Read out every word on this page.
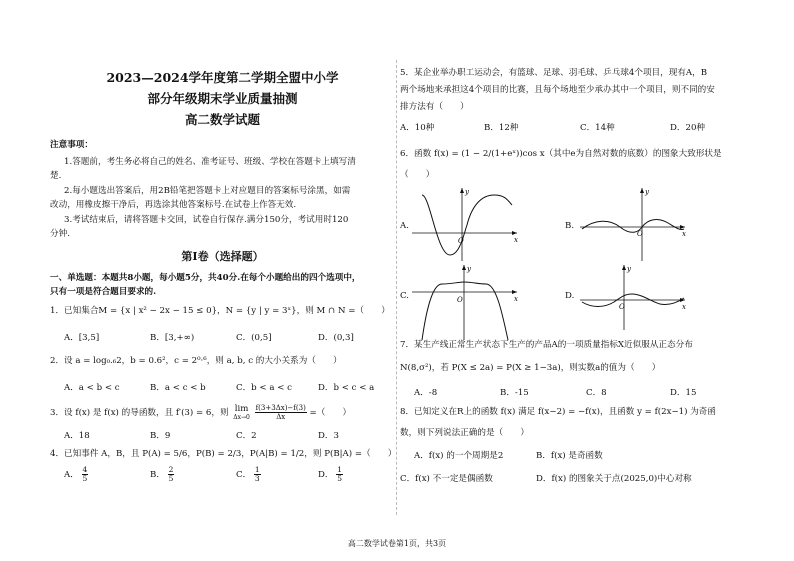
2023—2024学年度第二学期全盟中小学
部分年级期末学业质量抽测
高二数学试题
注意事项：
1.答题前，考生务必将自己的姓名、准考证号、班级、学校在答题卡上填写清
楚.
2.每小题选出答案后，用2B铅笔把答题卡上对应题目的答案标号涂黑，如需
改动，用橡皮擦干净后，再选涂其他答案标号.在试卷上作答无效.
3.考试结束后，请将答题卡交回，试卷自行保存.满分150分，考试用时120
分钟.
第Ⅰ卷（选择题）
一、单选题：本题共8小题，每小题5分，共40分.在每个小题给出的四个选项中，
只有一项是符合题目要求的.
1．已知集合M = {x | x² − 2x − 15 ≤ 0}，N = {y | y = 3ˣ}，则 M ∩ N =（　　）
A．[3,5]	B．[3,+∞)	C．(0,5]	D．(0,3]
2．设 a = log₀.₆2，b = 0.6²，c = 2⁰·⁶，则 a, b, c 的大小关系为（　　）
A．a < b < c	B．a < c < b	C．b < a < c	D．b < c < a
3．设 f(x) 是 f(x) 的导函数，且 f′(3) = 6，则 lim
Δx→0
$\frac{f(3+3\Delta x)-f(3)}{\Delta x}$ =（　　）
A．18	B．9	C．2	D．3
4．已知事件 A，B，且 P(A) = 5/6，P(B) = 2/3，P(A|B) = 1/2，则 P(B|A) =（　　）
A． $\frac{4}{5}$	B． $\frac{2}{5}$	C． $\frac{1}{3}$	D． $\frac{1}{5}$
5．某企业举办职工运动会，有篮球、足球、羽毛球、乒乓球4个项目，现有A，B
两个场地来承担这4个项目的比赛，且每个场地至少承办其中一个项目，则不同的安
排方法有（　　）
A．10种	B．12种	C．14种	D．20种
6．函数 f(x) = (1 − 2/(1+eˣ))cos x（其中e为自然对数的底数）的图象大致形状是
（　　）
A.
O	x
y
B.
O	x
y
C.	O	x
y
D.
O	x
y
7．某生产线正常生产状态下生产的产品A的一项质量指标X近似服从正态分布
N(8,σ²)，若 P(X ≤ 2a) = P(X ≥ 1−3a)，则实数a的值为（　　）
A．-8	B．-15	C．8	D．15
8．已知定义在R上的函数 f(x) 满足 f(x−2) = −f(x)，且函数 y = f(2x−1) 为奇函
数，则下列说法正确的是（　　）
A．f(x) 的一个周期是2	B．f(x) 是奇函数
C．f(x) 不一定是偶函数	D．f(x) 的图象关于点(2025,0)中心对称
高二数学试卷第1页，共3页
